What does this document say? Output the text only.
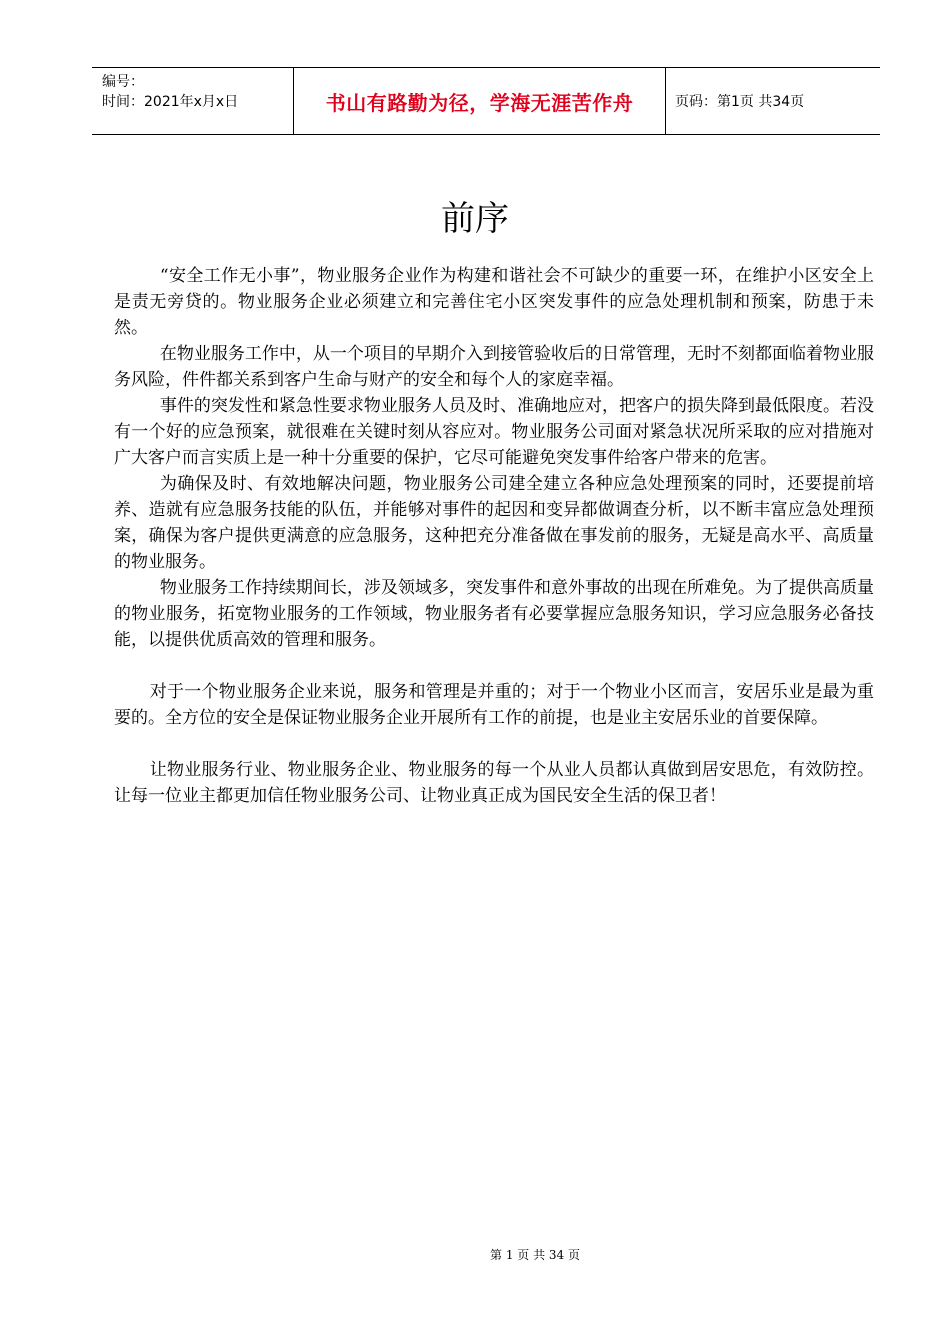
编号：
时间：2021年x月x日	书山有路勤为径，学海无涯苦作舟	页码：第1页 共34页
前序

“安全工作无小事”，物业服务企业作为构建和谐社会不可缺少的重要一环，在维护小区安全上是责无旁贷的。物业服务企业必须建立和完善住宅小区突发事件的应急处理机制和预案，防患于未然。

在物业服务工作中，从一个项目的早期介入到接管验收后的日常管理，无时不刻都面临着物业服务风险，件件都关系到客户生命与财产的安全和每个人的家庭幸福。

事件的突发性和紧急性要求物业服务人员及时、准确地应对，把客户的损失降到最低限度。若没有一个好的应急预案，就很难在关键时刻从容应对。物业服务公司面对紧急状况所采取的应对措施对广大客户而言实质上是一种十分重要的保护，它尽可能避免突发事件给客户带来的危害。

为确保及时、有效地解决问题，物业服务公司建全建立各种应急处理预案的同时，还要提前培养、造就有应急服务技能的队伍，并能够对事件的起因和变异都做调查分析，以不断丰富应急处理预案，确保为客户提供更满意的应急服务，这种把充分准备做在事发前的服务，无疑是高水平、高质量的物业服务。

物业服务工作持续期间长，涉及领域多，突发事件和意外事故的出现在所难免。为了提供高质量的物业服务，拓宽物业服务的工作领域，物业服务者有必要掌握应急服务知识，学习应急服务必备技能，以提供优质高效的管理和服务。

对于一个物业服务企业来说，服务和管理是并重的；对于一个物业小区而言，安居乐业是最为重要的。全方位的安全是保证物业服务企业开展所有工作的前提，也是业主安居乐业的首要保障。

让物业服务行业、物业服务企业、物业服务的每一个从业人员都认真做到居安思危，有效防控。让每一位业主都更加信任物业服务公司、让物业真正成为国民安全生活的保卫者！

第 1 页 共 34 页
